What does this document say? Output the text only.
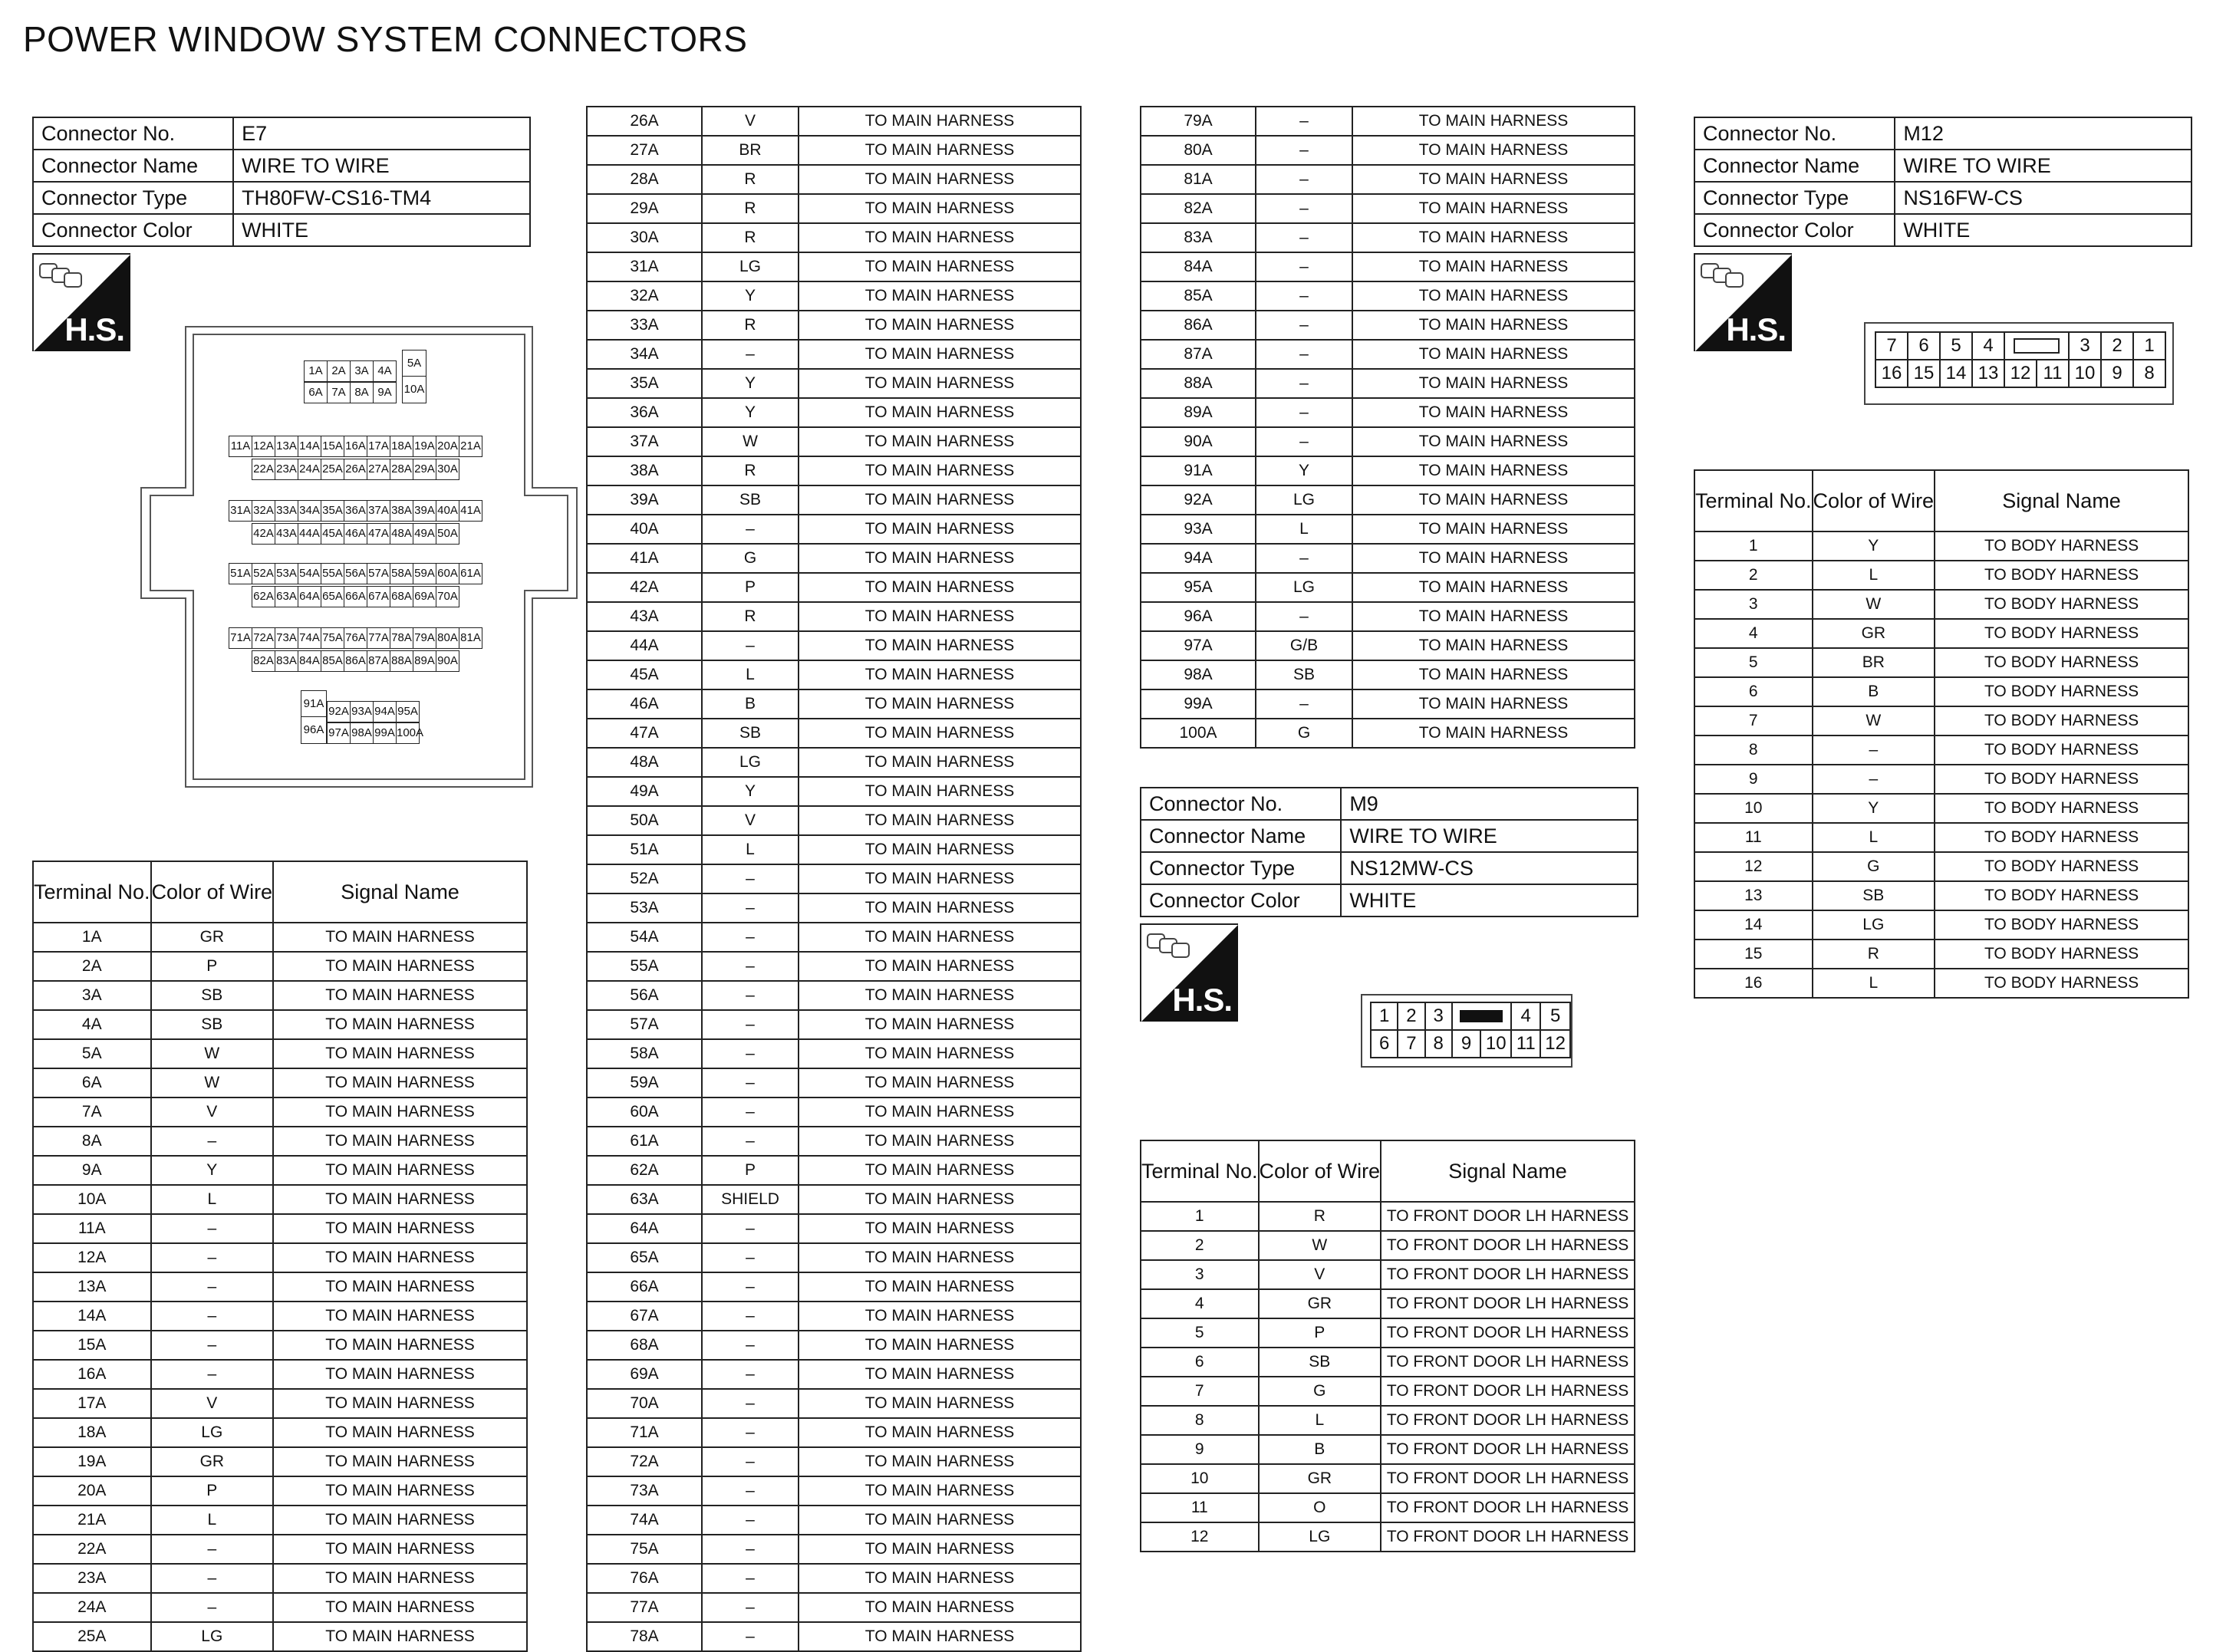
POWER WINDOW SYSTEM CONNECTORS
Connector No.	E7
Connector Name	WIRE TO WIRE
Connector Type	TH80FW-CS16-TM4
Connector Color	WHITE
H.S.
1A 2A 3A 4A
6A 7A 8A 9A
5A
10A
11A 12A 13A 14A 15A 16A 17A 18A 19A 20A 21A
22A 23A 24A 25A 26A 27A 28A 29A 30A
31A 32A 33A 34A 35A 36A 37A 38A 39A 40A 41A
42A 43A 44A 45A 46A 47A 48A 49A 50A
51A 52A 53A 54A 55A 56A 57A 58A 59A 60A 61A
62A 63A 64A 65A 66A 67A 68A 69A 70A
71A 72A 73A 74A 75A 76A 77A 78A 79A 80A 81A
82A 83A 84A 85A 86A 87A 88A 89A 90A
91A
96A
92A 93A 94A 95A
97A 98A 99A 100A
Terminal No.	Color of Wire	Signal Name
1A	GR	TO MAIN HARNESS
2A	P	TO MAIN HARNESS
3A	SB	TO MAIN HARNESS
4A	SB	TO MAIN HARNESS
5A	W	TO MAIN HARNESS
6A	W	TO MAIN HARNESS
7A	V	TO MAIN HARNESS
8A	–	TO MAIN HARNESS
9A	Y	TO MAIN HARNESS
10A	L	TO MAIN HARNESS
11A	–	TO MAIN HARNESS
12A	–	TO MAIN HARNESS
13A	–	TO MAIN HARNESS
14A	–	TO MAIN HARNESS
15A	–	TO MAIN HARNESS
16A	–	TO MAIN HARNESS
17A	V	TO MAIN HARNESS
18A	LG	TO MAIN HARNESS
19A	GR	TO MAIN HARNESS
20A	P	TO MAIN HARNESS
21A	L	TO MAIN HARNESS
22A	–	TO MAIN HARNESS
23A	–	TO MAIN HARNESS
24A	–	TO MAIN HARNESS
25A	LG	TO MAIN HARNESS
26A	V	TO MAIN HARNESS
27A	BR	TO MAIN HARNESS
28A	R	TO MAIN HARNESS
29A	R	TO MAIN HARNESS
30A	R	TO MAIN HARNESS
31A	LG	TO MAIN HARNESS
32A	Y	TO MAIN HARNESS
33A	R	TO MAIN HARNESS
34A	–	TO MAIN HARNESS
35A	Y	TO MAIN HARNESS
36A	Y	TO MAIN HARNESS
37A	W	TO MAIN HARNESS
38A	R	TO MAIN HARNESS
39A	SB	TO MAIN HARNESS
40A	–	TO MAIN HARNESS
41A	G	TO MAIN HARNESS
42A	P	TO MAIN HARNESS
43A	R	TO MAIN HARNESS
44A	–	TO MAIN HARNESS
45A	L	TO MAIN HARNESS
46A	B	TO MAIN HARNESS
47A	SB	TO MAIN HARNESS
48A	LG	TO MAIN HARNESS
49A	Y	TO MAIN HARNESS
50A	V	TO MAIN HARNESS
51A	L	TO MAIN HARNESS
52A	–	TO MAIN HARNESS
53A	–	TO MAIN HARNESS
54A	–	TO MAIN HARNESS
55A	–	TO MAIN HARNESS
56A	–	TO MAIN HARNESS
57A	–	TO MAIN HARNESS
58A	–	TO MAIN HARNESS
59A	–	TO MAIN HARNESS
60A	–	TO MAIN HARNESS
61A	–	TO MAIN HARNESS
62A	P	TO MAIN HARNESS
63A	SHIELD	TO MAIN HARNESS
64A	–	TO MAIN HARNESS
65A	–	TO MAIN HARNESS
66A	–	TO MAIN HARNESS
67A	–	TO MAIN HARNESS
68A	–	TO MAIN HARNESS
69A	–	TO MAIN HARNESS
70A	–	TO MAIN HARNESS
71A	–	TO MAIN HARNESS
72A	–	TO MAIN HARNESS
73A	–	TO MAIN HARNESS
74A	–	TO MAIN HARNESS
75A	–	TO MAIN HARNESS
76A	–	TO MAIN HARNESS
77A	–	TO MAIN HARNESS
78A	–	TO MAIN HARNESS
79A	–	TO MAIN HARNESS
80A	–	TO MAIN HARNESS
81A	–	TO MAIN HARNESS
82A	–	TO MAIN HARNESS
83A	–	TO MAIN HARNESS
84A	–	TO MAIN HARNESS
85A	–	TO MAIN HARNESS
86A	–	TO MAIN HARNESS
87A	–	TO MAIN HARNESS
88A	–	TO MAIN HARNESS
89A	–	TO MAIN HARNESS
90A	–	TO MAIN HARNESS
91A	Y	TO MAIN HARNESS
92A	LG	TO MAIN HARNESS
93A	L	TO MAIN HARNESS
94A	–	TO MAIN HARNESS
95A	LG	TO MAIN HARNESS
96A	–	TO MAIN HARNESS
97A	G/B	TO MAIN HARNESS
98A	SB	TO MAIN HARNESS
99A	–	TO MAIN HARNESS
100A	G	TO MAIN HARNESS
Connector No.	M9
Connector Name	WIRE TO WIRE
Connector Type	NS12MW-CS
Connector Color	WHITE
H.S.	1	2	3			4	5
6	7	8	9	10	11	12
Terminal No.	Color of Wire	Signal Name
1	R	TO FRONT DOOR LH HARNESS
2	W	TO FRONT DOOR LH HARNESS
3	V	TO FRONT DOOR LH HARNESS
4	GR	TO FRONT DOOR LH HARNESS
5	P	TO FRONT DOOR LH HARNESS
6	SB	TO FRONT DOOR LH HARNESS
7	G	TO FRONT DOOR LH HARNESS
8	L	TO FRONT DOOR LH HARNESS
9	B	TO FRONT DOOR LH HARNESS
10	GR	TO FRONT DOOR LH HARNESS
11	O	TO FRONT DOOR LH HARNESS
12	LG	TO FRONT DOOR LH HARNESS
Connector No.	M12
Connector Name	WIRE TO WIRE
Connector Type	NS16FW-CS
Connector Color	WHITE
H.S.	7	6	5	4			3	2	1
16	15	14	13	12	11	10	9	8
Terminal No.	Color of Wire	Signal Name
1	Y	TO BODY HARNESS
2	L	TO BODY HARNESS
3	W	TO BODY HARNESS
4	GR	TO BODY HARNESS
5	BR	TO BODY HARNESS
6	B	TO BODY HARNESS
7	W	TO BODY HARNESS
8	–	TO BODY HARNESS
9	–	TO BODY HARNESS
10	Y	TO BODY HARNESS
11	L	TO BODY HARNESS
12	G	TO BODY HARNESS
13	SB	TO BODY HARNESS
14	LG	TO BODY HARNESS
15	R	TO BODY HARNESS
16	L	TO BODY HARNESS
